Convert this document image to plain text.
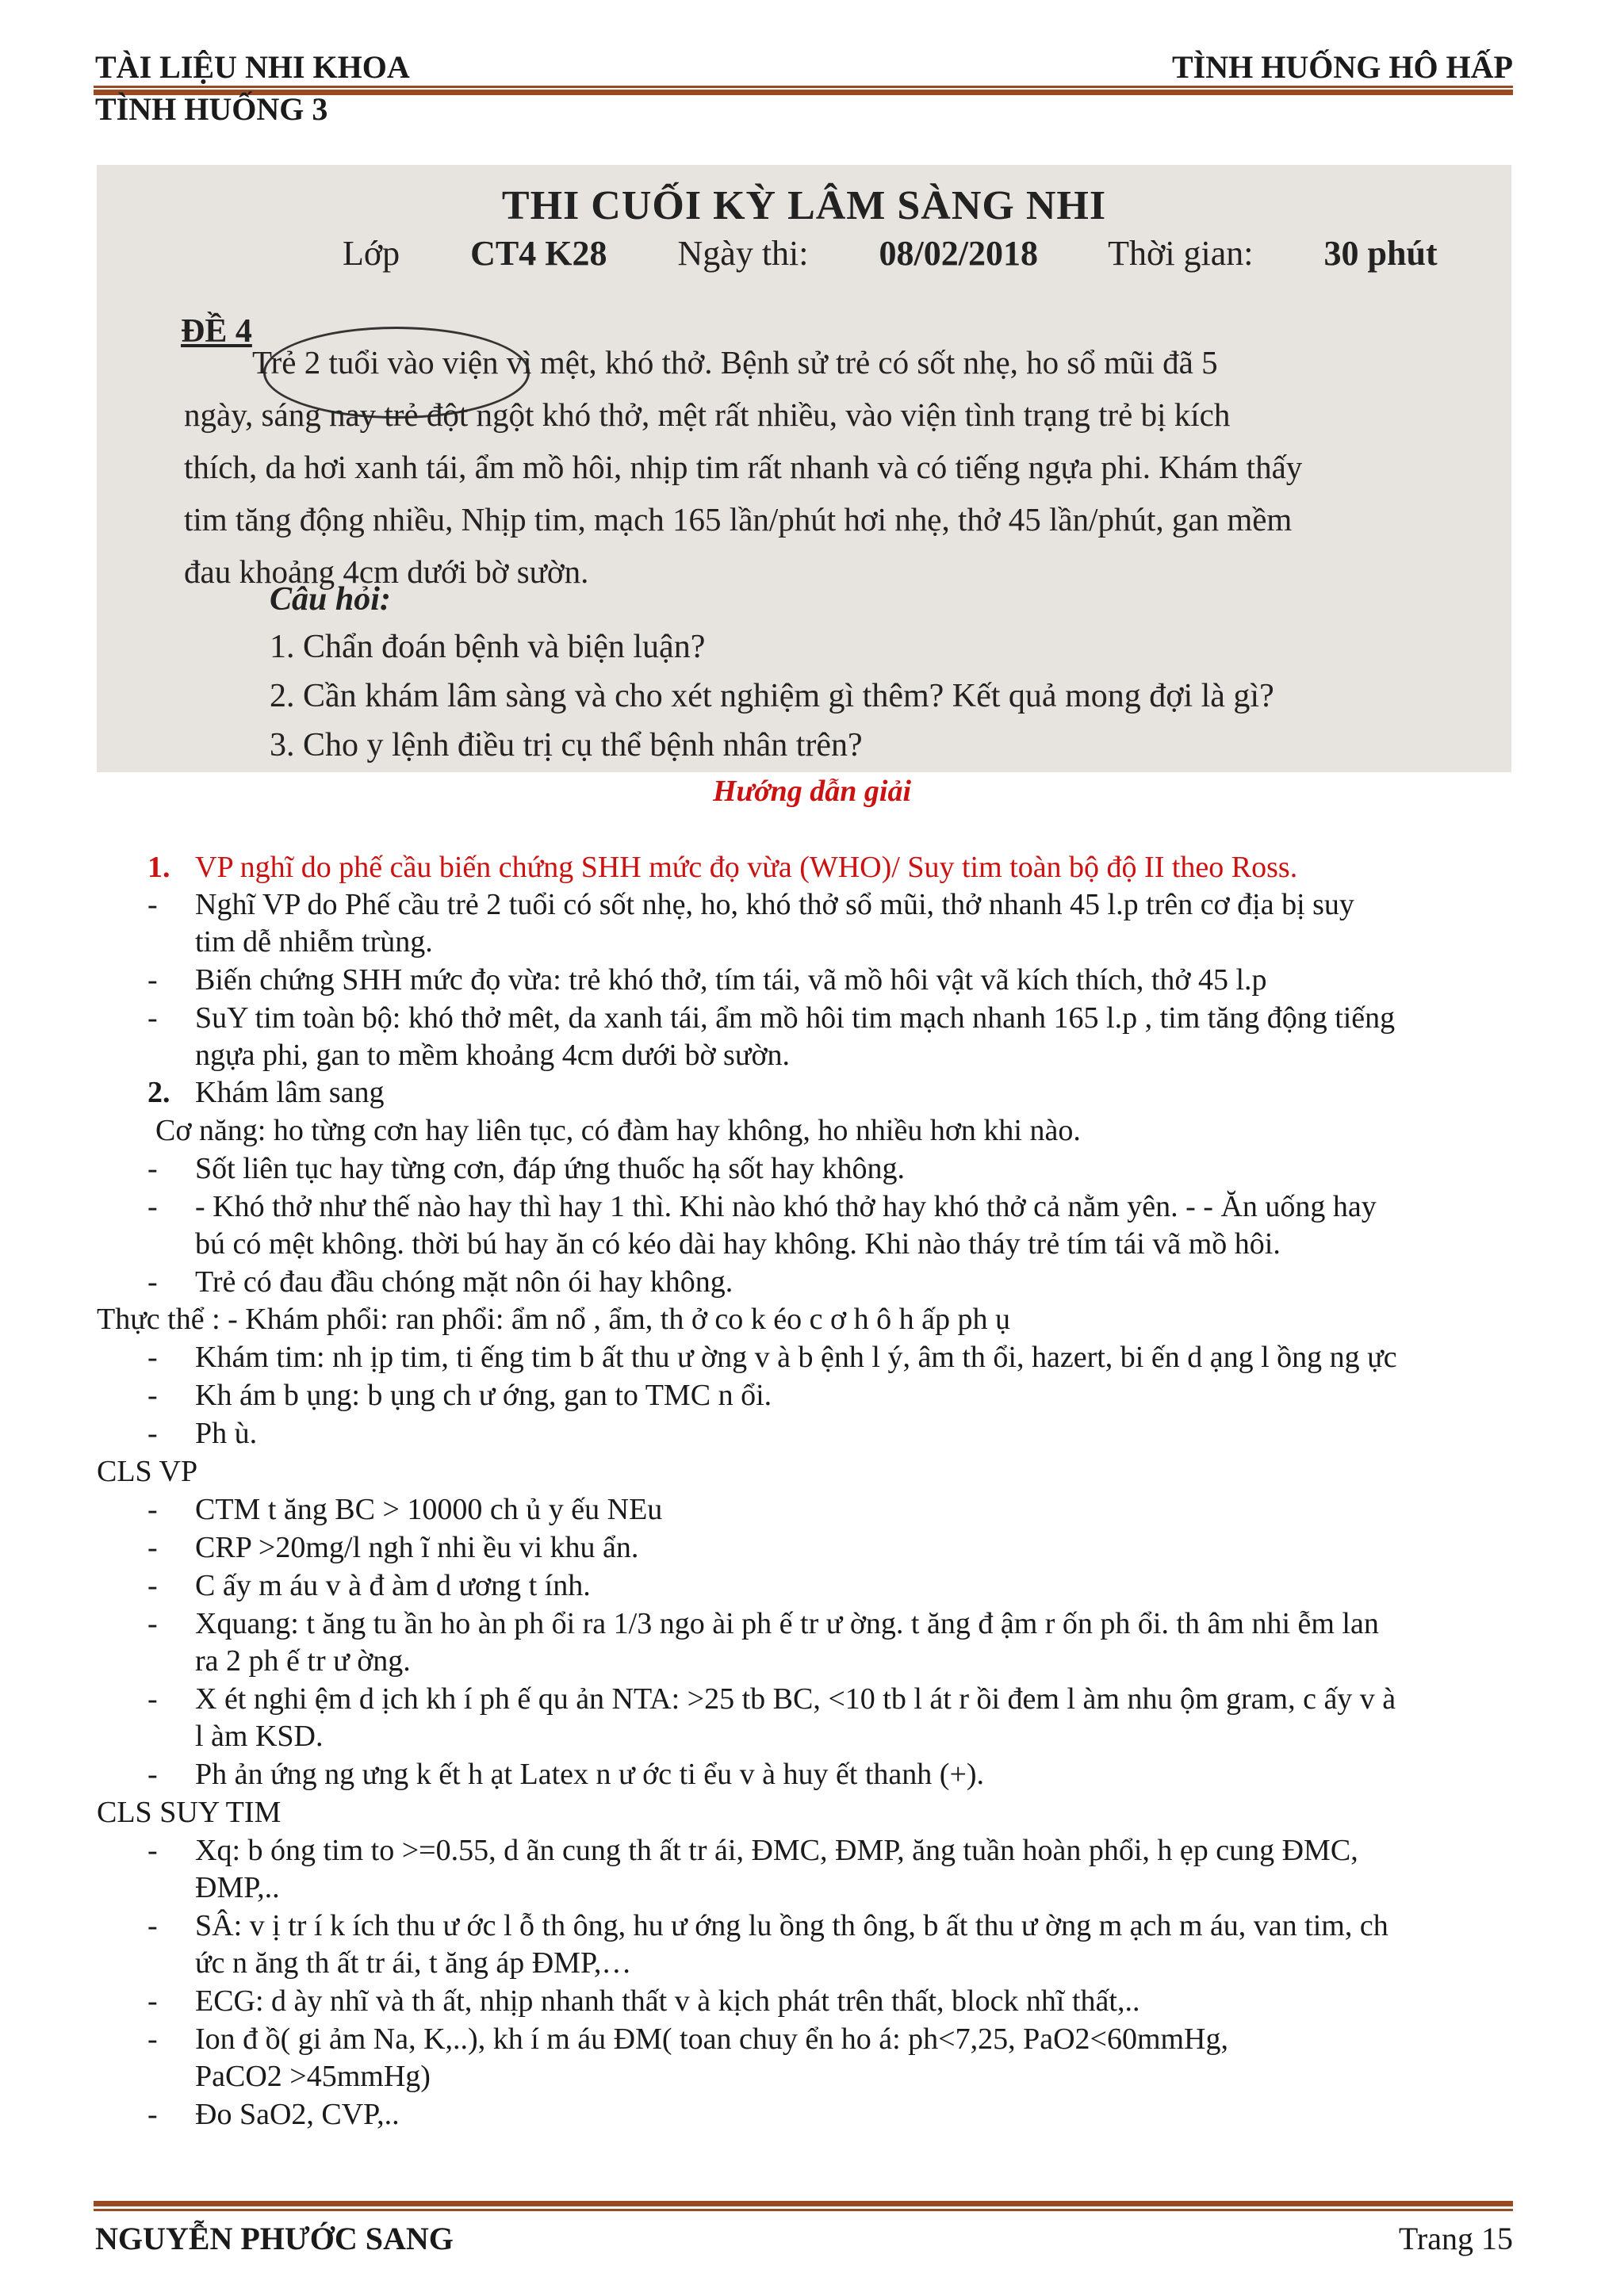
TÀI LIỆU NHI KHOA	TÌNH HUỐNG HÔ HẤP
TÌNH HUỐNG 3
THI CUỐI KỲ LÂM SÀNG NHI
Lớp CT4 K28 Ngày thi: 08/02/2018 Thời gian: 30 phút
ĐỀ 4
Trẻ 2 tuổi vào viện vì mệt, khó thở. Bệnh sử trẻ có sốt nhẹ, ho sổ mũi đã 5
ngày, sáng nay trẻ đột ngột khó thở, mệt rất nhiều, vào viện tình trạng trẻ bị kích
thích, da hơi xanh tái, ẩm mồ hôi, nhịp tim rất nhanh và có tiếng ngựa phi. Khám thấy
tim tăng động nhiều, Nhịp tim, mạch 165 lần/phút hơi nhẹ, thở 45 lần/phút, gan mềm
đau khoảng 4cm dưới bờ sườn.
Câu hỏi:
1. Chẩn đoán bệnh và biện luận?
2. Cần khám lâm sàng và cho xét nghiệm gì thêm? Kết quả mong đợi là gì?
3. Cho y lệnh điều trị cụ thể bệnh nhân trên?
Hướng dẫn giải
1. VP nghĩ do phế cầu biến chứng SHH mức đọ vừa (WHO)/ Suy tim toàn bộ độ II theo Ross.
- Nghĩ VP do Phế cầu trẻ 2 tuổi có sốt nhẹ, ho, khó thở sổ mũi, thở nhanh 45 l.p trên cơ địa bị suy
tim dễ nhiễm trùng.
- Biến chứng SHH mức đọ vừa: trẻ khó thở, tím tái, vã mồ hôi vật vã kích thích, thở 45 l.p
- SuY tim toàn bộ: khó thở mêt, da xanh tái, ẩm mồ hôi tim mạch nhanh 165 l.p , tim tăng động tiếng
ngựa phi, gan to mềm khoảng 4cm dưới bờ sườn.
2. Khám lâm sang
Cơ năng: ho từng cơn hay liên tục, có đàm hay không, ho nhiều hơn khi nào.
- Sốt liên tục hay từng cơn, đáp ứng thuốc hạ sốt hay không.
- - Khó thở như thế nào hay thì hay 1 thì. Khi nào khó thở hay khó thở cả nằm yên. - - Ăn uống hay
bú có mệt không. thời bú hay ăn có kéo dài hay không. Khi nào tháy trẻ tím tái vã mồ hôi.
- Trẻ có đau đầu chóng mặt nôn ói hay không.
Thực thể : - Khám phổi: ran phổi: ẩm nổ , ẩm, th ở co k éo c ơ h ô h ấp ph ụ
- Khám tim: nh ịp tim, ti ếng tim b ất thu ư ờng v à b ệnh l ý, âm th ổi, hazert, bi ến d ạng l ồng ng ực
- Kh ám b ụng: b ụng ch ư ớng, gan to TMC n ổi.
- Ph ù.
CLS VP
- CTM t ăng BC > 10000 ch ủ y ếu NEu
- CRP >20mg/l ngh ĩ nhi ều vi khu ẩn.
- C ấy m áu v à đ àm d ương t ính.
- Xquang: t ăng tu ần ho àn ph ổi ra 1/3 ngo ài ph ế tr ư ờng. t ăng đ ậm r ốn ph ổi. th âm nhi ễm lan
ra 2 ph ế tr ư ờng.
- X ét nghi ệm d ịch kh í ph ế qu ản NTA: >25 tb BC, <10 tb l át r ồi đem l àm nhu ộm gram, c ấy v à
l àm KSD.
- Ph ản ứng ng ưng k ết h ạt Latex n ư ớc ti ểu v à huy ết thanh (+).
CLS SUY TIM
- Xq: b óng tim to >=0.55, d ãn cung th ất tr ái, ĐMC, ĐMP, ăng tuần hoàn phổi, h ẹp cung ĐMC,
ĐMP,..
- SÂ: v ị tr í k ích thu ư ớc l ỗ th ông, hu ư ớng lu ồng th ông, b ất thu ư ờng m ạch m áu, van tim, ch
ức n ăng th ất tr ái, t ăng áp ĐMP,…
- ECG: d ày nhĩ và th ất, nhịp nhanh thất v à kịch phát trên thất, block nhĩ thất,..
- Ion đ ồ( gi ảm Na, K,..), kh í m áu ĐM( toan chuy ển ho á: ph<7,25, PaO2<60mmHg,
PaCO2 >45mmHg)
- Đo SaO2, CVP,..
NGUYỄN PHƯỚC SANG	Trang 15
